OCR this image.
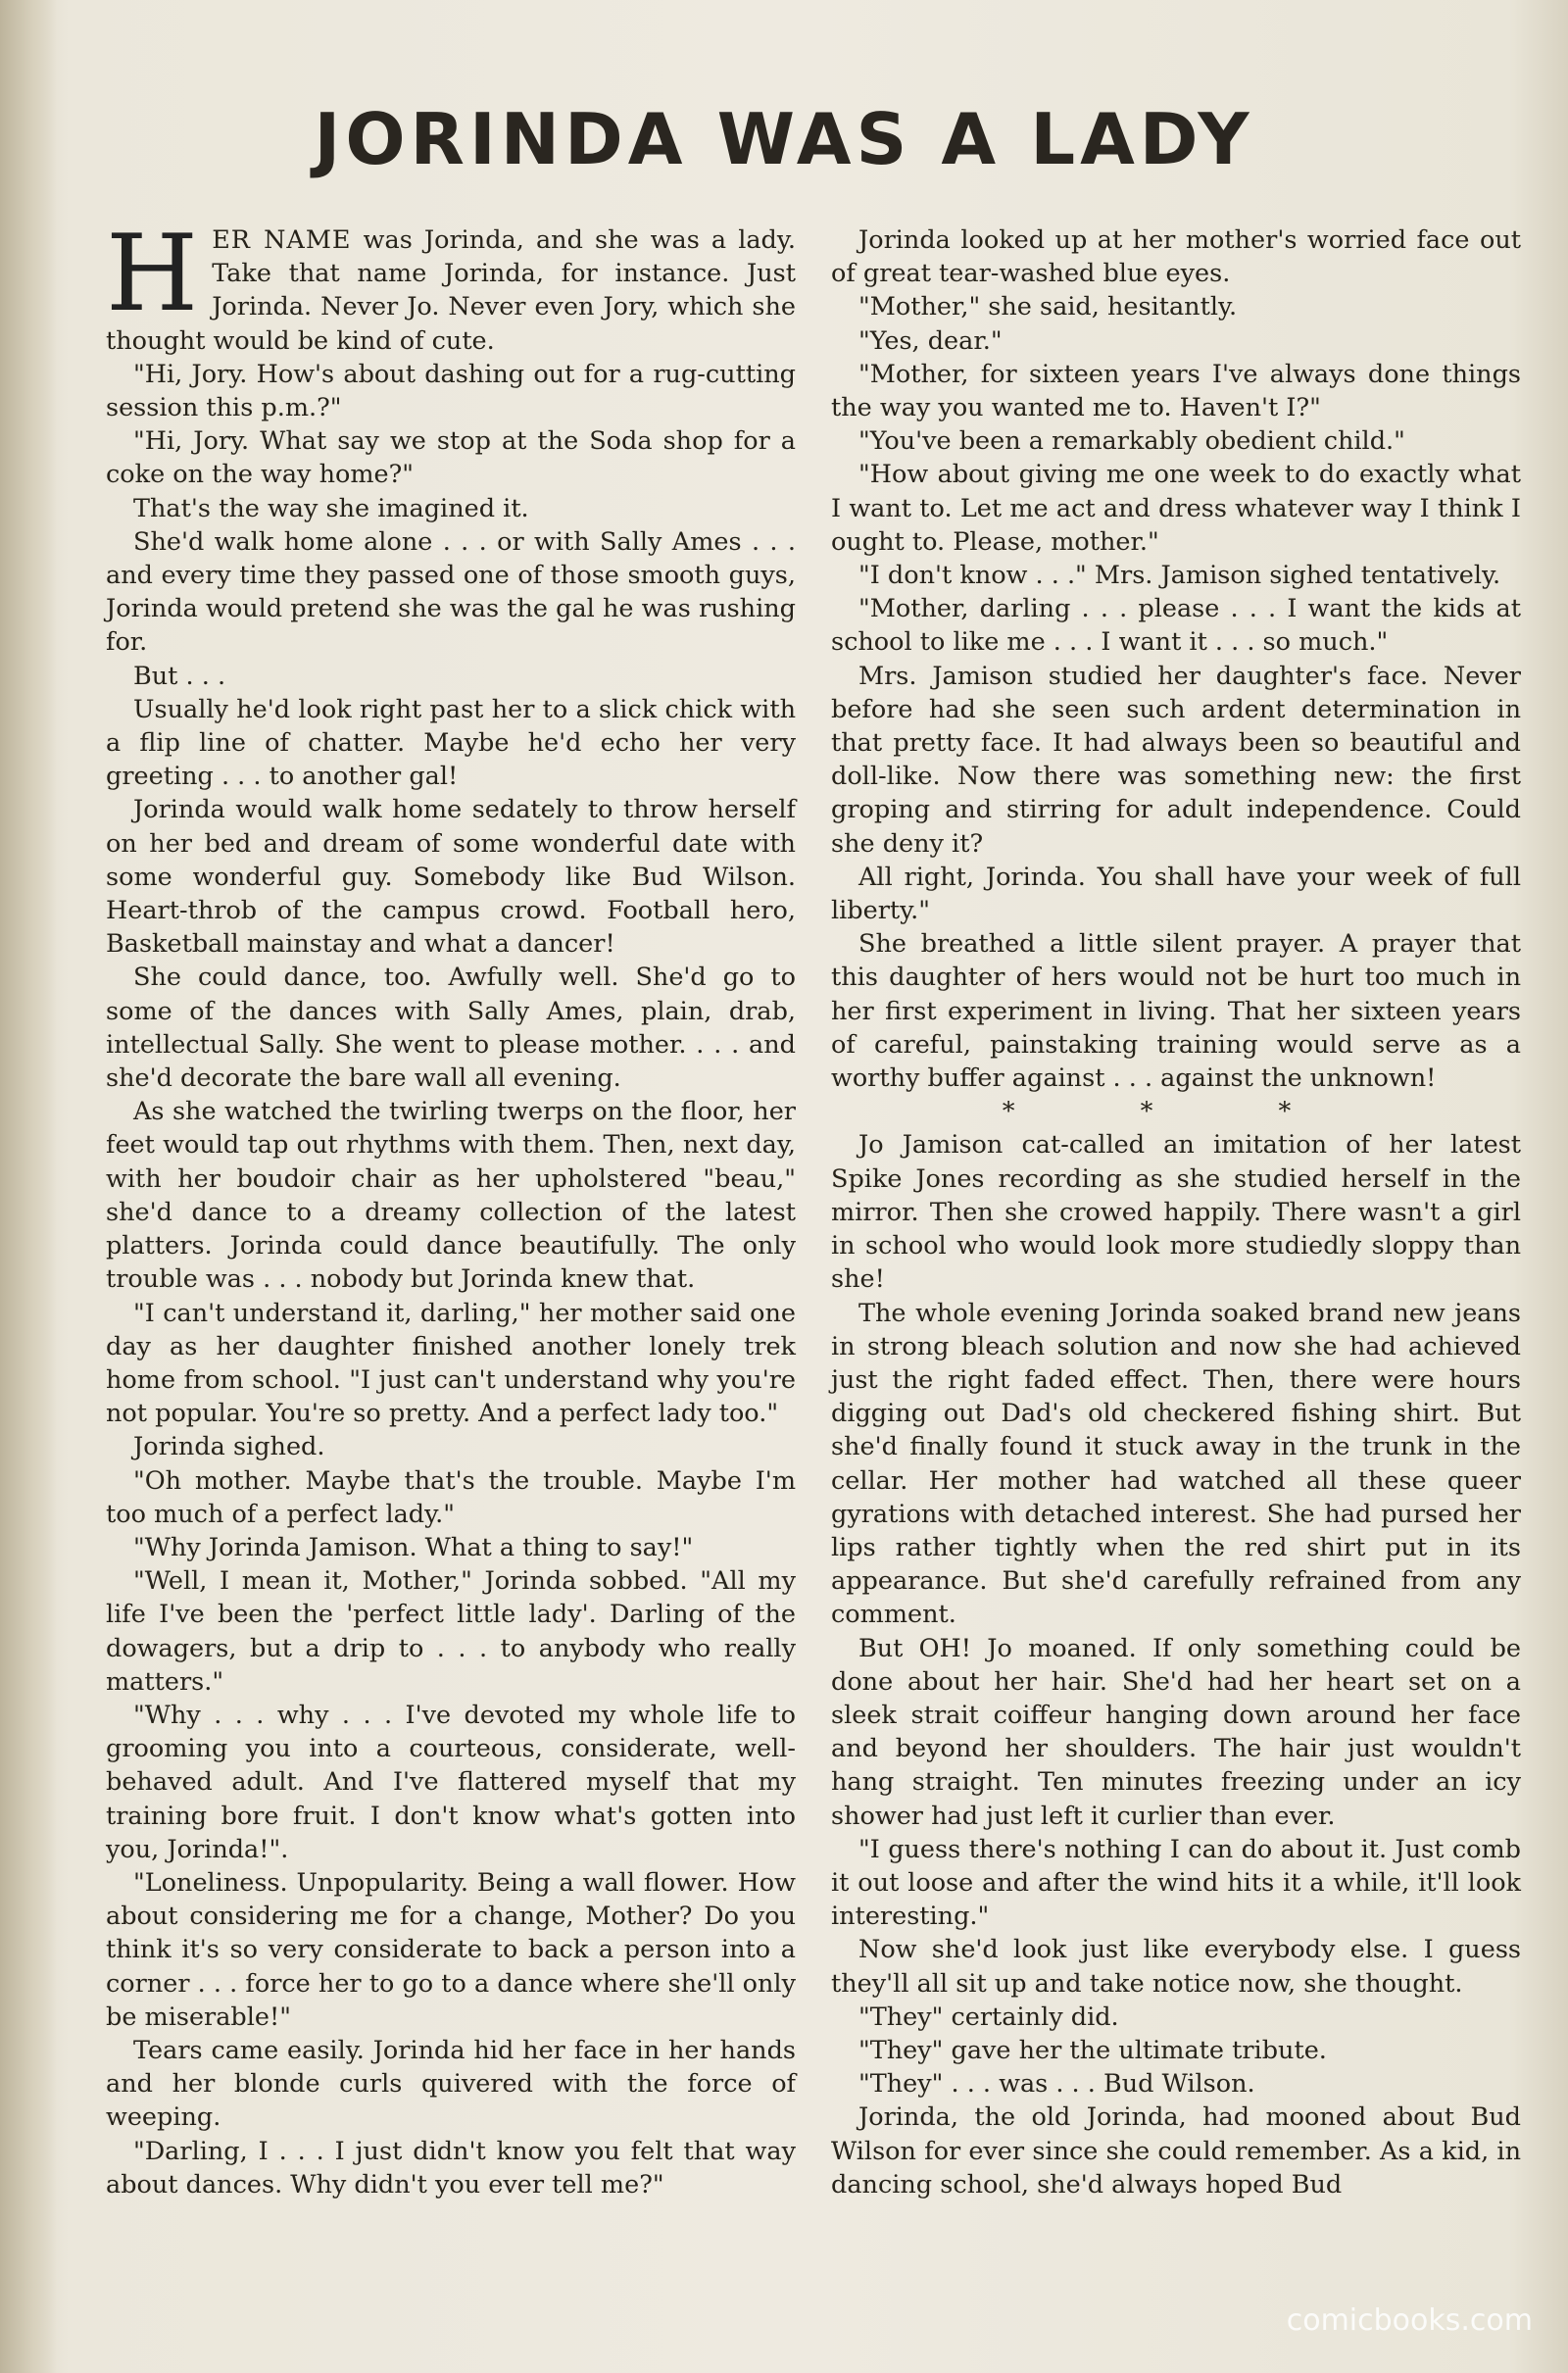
JORINDA WAS A LADY

HER NAME was Jorinda, and she was a lady. Take that name Jorinda, for instance. Just Jorinda. Never Jo. Never even Jory, which she thought would be kind of cute.

"Hi, Jory. How's about dashing out for a rug-cutting session this p.m.?"

"Hi, Jory. What say we stop at the Soda shop for a coke on the way home?"

That's the way she imagined it.

She'd walk home alone . . . or with Sally Ames . . . and every time they passed one of those smooth guys, Jorinda would pretend she was the gal he was rushing for.

But . . .

Usually he'd look right past her to a slick chick with a flip line of chatter. Maybe he'd echo her very greeting . . . to another gal!

Jorinda would walk home sedately to throw herself on her bed and dream of some wonderful date with some wonderful guy. Somebody like Bud Wilson. Heart-throb of the campus crowd. Football hero, Basketball mainstay and what a dancer!

She could dance, too. Awfully well. She'd go to some of the dances with Sally Ames, plain, drab, intellectual Sally. She went to please mother. . . . and she'd decorate the bare wall all evening.

As she watched the twirling twerps on the floor, her feet would tap out rhythms with them. Then, next day, with her boudoir chair as her upholstered "beau," she'd dance to a dreamy collection of the latest platters. Jorinda could dance beautifully. The only trouble was . . . nobody but Jorinda knew that.

"I can't understand it, darling," her mother said one day as her daughter finished another lonely trek home from school. "I just can't understand why you're not popular. You're so pretty. And a perfect lady too."

Jorinda sighed.

"Oh mother. Maybe that's the trouble. Maybe I'm too much of a perfect lady."

"Why Jorinda Jamison. What a thing to say!"

"Well, I mean it, Mother," Jorinda sobbed. "All my life I've been the 'perfect little lady'. Darling of the dowagers, but a drip to . . . to anybody who really matters."

"Why . . . why . . . I've devoted my whole life to grooming you into a courteous, considerate, well-behaved adult. And I've flattered myself that my training bore fruit. I don't know what's gotten into you, Jorinda!".

"Loneliness. Unpopularity. Being a wall flower. How about considering me for a change, Mother? Do you think it's so very considerate to back a person into a corner . . . force her to go to a dance where she'll only be miserable!"

Tears came easily. Jorinda hid her face in her hands and her blonde curls quivered with the force of weeping.

"Darling, I . . . I just didn't know you felt that way about dances. Why didn't you ever tell me?"

Jorinda looked up at her mother's worried face out of great tear-washed blue eyes.

"Mother," she said, hesitantly.

"Yes, dear."

"Mother, for sixteen years I've always done things the way you wanted me to. Haven't I?"

"You've been a remarkably obedient child."

"How about giving me one week to do exactly what I want to. Let me act and dress whatever way I think I ought to. Please, mother."

"I don't know . . ." Mrs. Jamison sighed tentatively.

"Mother, darling . . . please . . . I want the kids at school to like me . . . I want it . . . so much."

Mrs. Jamison studied her daughter's face. Never before had she seen such ardent determination in that pretty face. It had always been so beautiful and doll-like. Now there was something new: the first groping and stirring for adult independence. Could she deny it?

All right, Jorinda. You shall have your week of full liberty."

She breathed a little silent prayer. A prayer that this daughter of hers would not be hurt too much in her first experiment in living. That her sixteen years of careful, painstaking training would serve as a worthy buffer against . . . against the unknown!

* * *

Jo Jamison cat-called an imitation of her latest Spike Jones recording as she studied herself in the mirror. Then she crowed happily. There wasn't a girl in school who would look more studiedly sloppy than she!

The whole evening Jorinda soaked brand new jeans in strong bleach solution and now she had achieved just the right faded effect. Then, there were hours digging out Dad's old checkered fishing shirt. But she'd finally found it stuck away in the trunk in the cellar. Her mother had watched all these queer gyrations with detached interest. She had pursed her lips rather tightly when the red shirt put in its appearance. But she'd carefully refrained from any comment.

But OH! Jo moaned. If only something could be done about her hair. She'd had her heart set on a sleek strait coiffeur hanging down around her face and beyond her shoulders. The hair just wouldn't hang straight. Ten minutes freezing under an icy shower had just left it curlier than ever.

"I guess there's nothing I can do about it. Just comb it out loose and after the wind hits it a while, it'll look interesting."

Now she'd look just like everybody else. I guess they'll all sit up and take notice now, she thought.

"They" certainly did.

"They" gave her the ultimate tribute.

"They" . . . was . . . Bud Wilson.

Jorinda, the old Jorinda, had mooned about Bud Wilson for ever since she could remember. As a kid, in dancing school, she'd always hoped Bud

comicbooks.com
